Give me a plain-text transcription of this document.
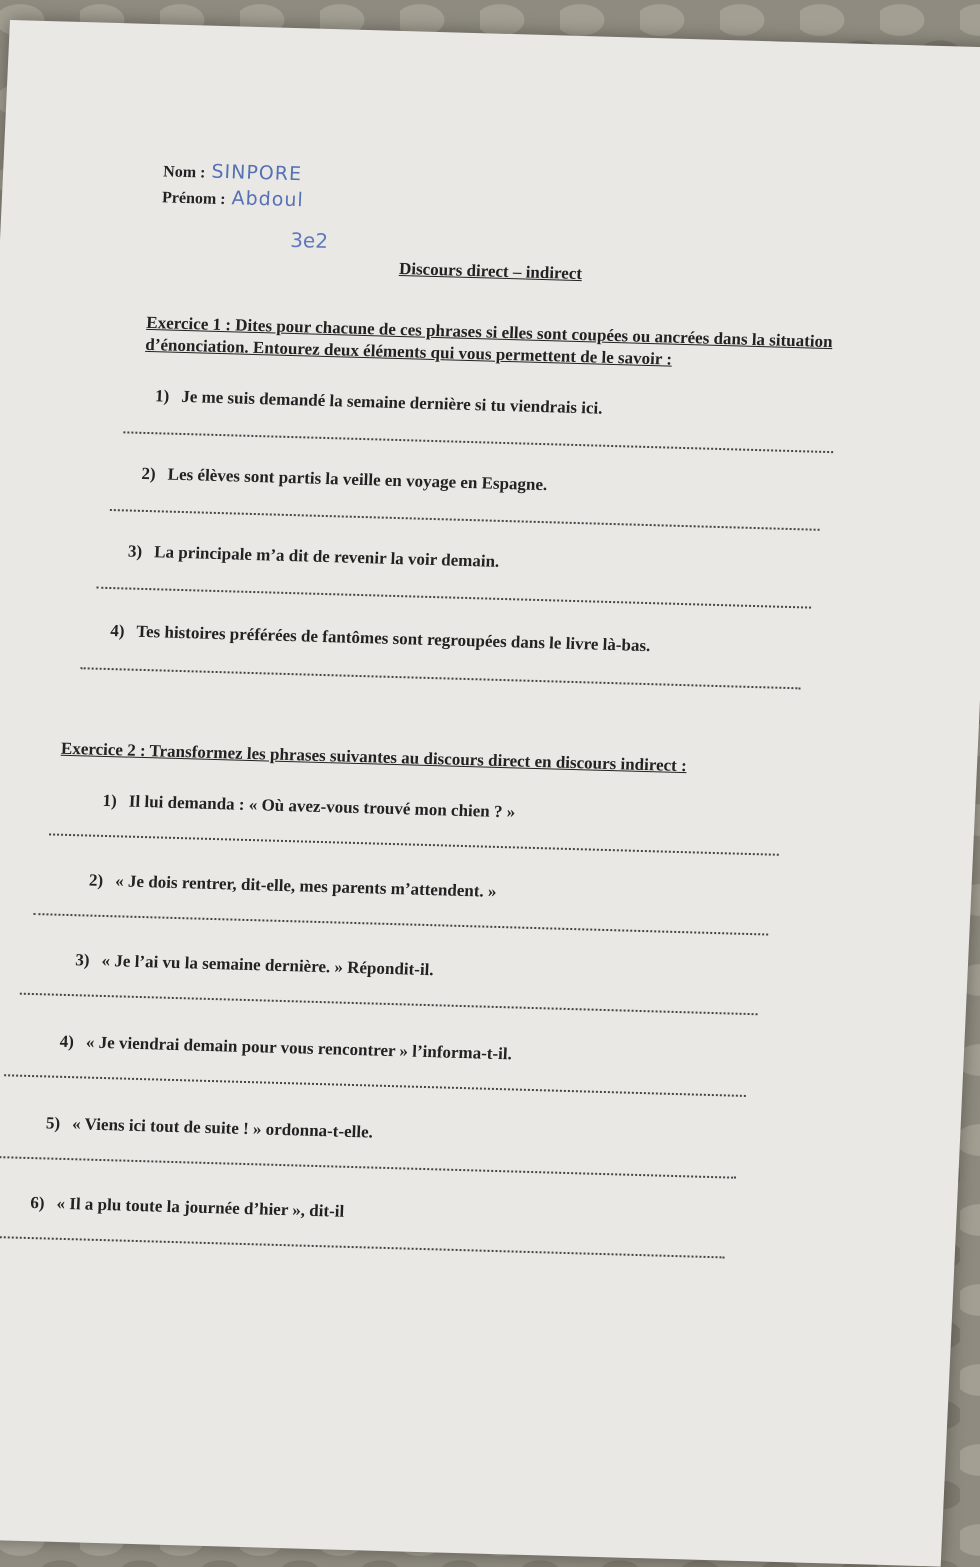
Nom : SINPORE
Prénom : Abdoul
3e2
Discours direct – indirect
Exercice 1 : Dites pour chacune de ces phrases si elles sont coupées ou ancrées dans la situation d’énonciation. Entourez deux éléments qui vous permettent de le savoir :
1) Je me suis demandé la semaine dernière si tu viendrais ici.
2) Les élèves sont partis la veille en voyage en Espagne.
3) La principale m’a dit de revenir la voir demain.
4) Tes histoires préférées de fantômes sont regroupées dans le livre là-bas.
Exercice 2 : Transformez les phrases suivantes au discours direct en discours indirect :
1) Il lui demanda : « Où avez-vous trouvé mon chien ? »
2) « Je dois rentrer, dit-elle, mes parents m’attendent. »
3) « Je l’ai vu la semaine dernière. » Répondit-il.
4) « Je viendrai demain pour vous rencontrer » l’informa-t-il.
5) « Viens ici tout de suite ! » ordonna-t-elle.
6) « Il a plu toute la journée d’hier », dit-il
